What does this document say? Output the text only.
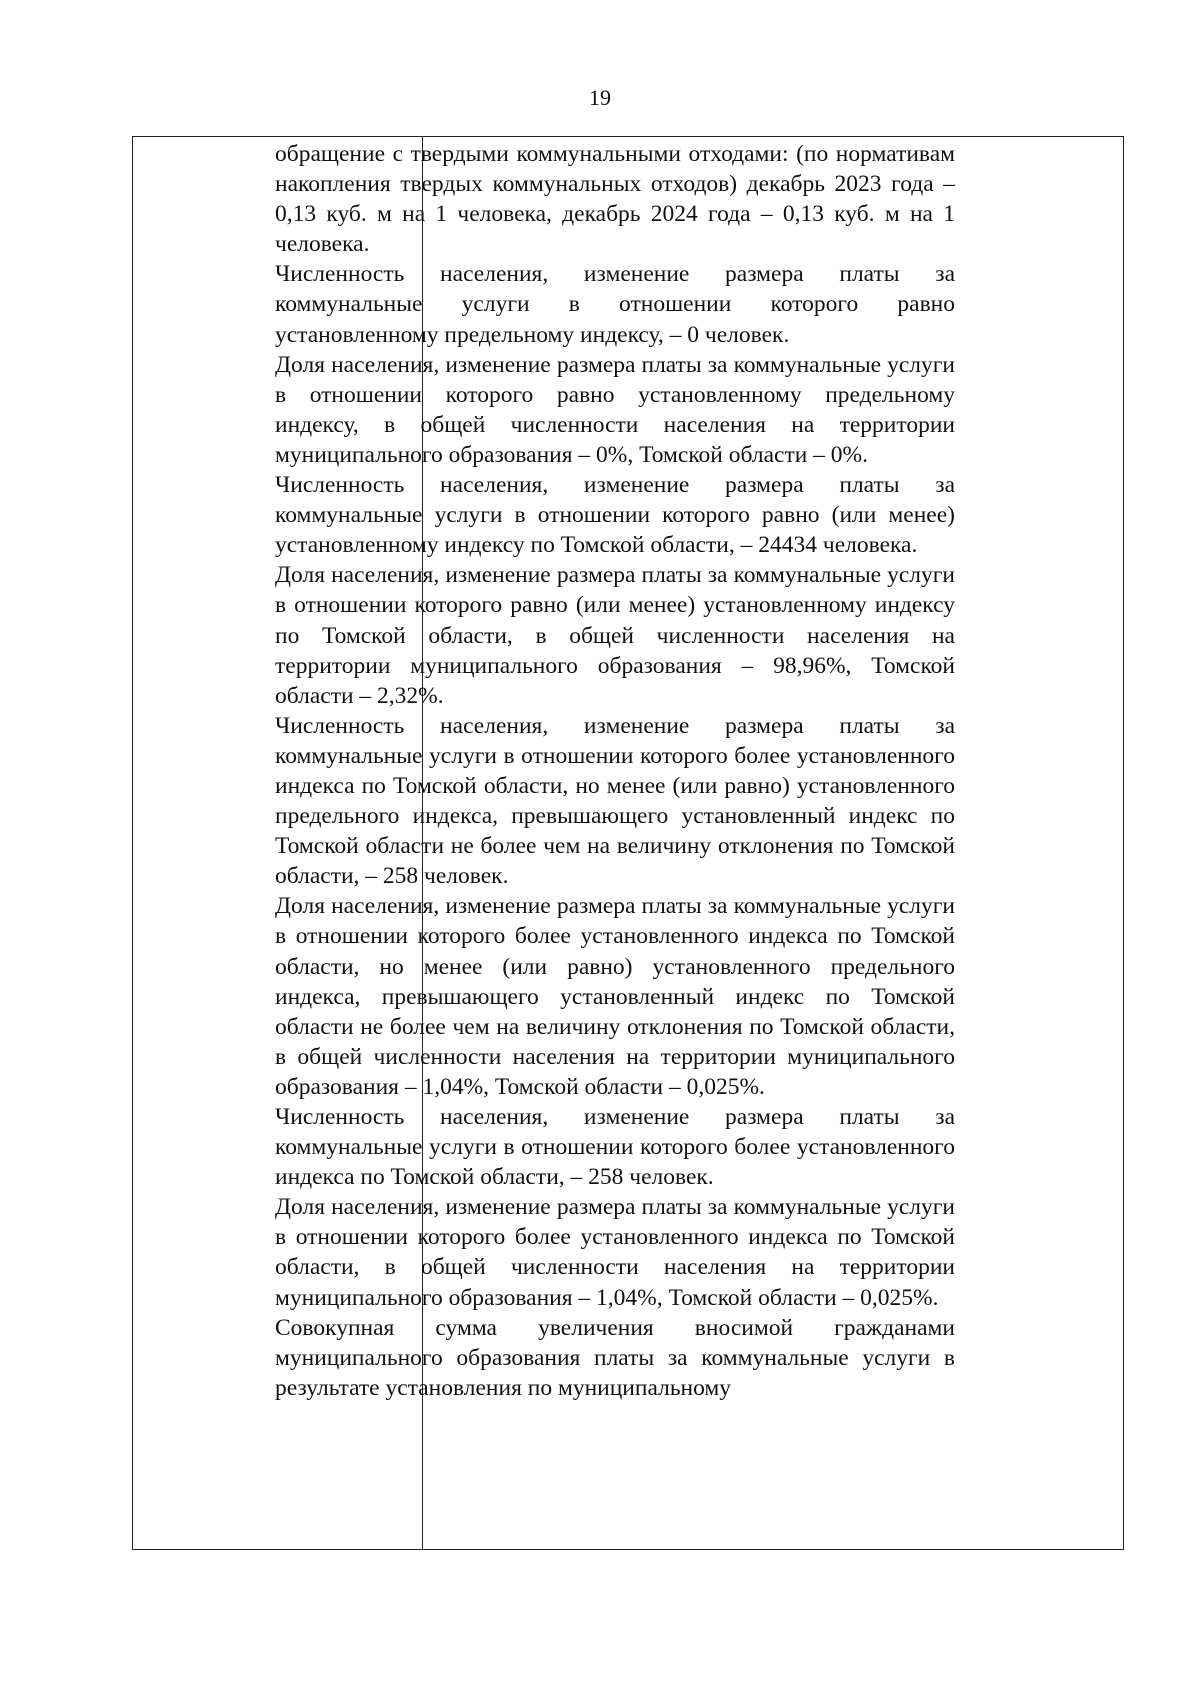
19

обращение с твердыми коммунальными отходами: (по нормативам накопления твердых коммунальных отходов) декабрь 2023 года – 0,13 куб. м на 1 человека, декабрь 2024 года – 0,13 куб. м на 1 человека.

Численность населения, изменение размера платы за коммунальные услуги в отношении которого равно установленному предельному индексу, – 0 человек.

Доля населения, изменение размера платы за коммунальные услуги в отношении которого равно установленному предельному индексу, в общей численности населения на территории муниципального образования – 0%, Томской области – 0%.

Численность населения, изменение размера платы за коммунальные услуги в отношении которого равно (или менее) установленному индексу по Томской области, – 24434 человека.

Доля населения, изменение размера платы за коммунальные услуги в отношении которого равно (или менее) установленному индексу по Томской области, в общей численности населения на территории муниципального образования – 98,96%, Томской области – 2,32%.

Численность населения, изменение размера платы за коммунальные услуги в отношении которого более установленного индекса по Томской области, но менее (или равно) установленного предельного индекса, превышающего установленный индекс по Томской области не более чем на величину отклонения по Томской области, – 258 человек.

Доля населения, изменение размера платы за коммунальные услуги в отношении которого более установленного индекса по Томской области, но менее (или равно) установленного предельного индекса, превышающего установленный индекс по Томской области не более чем на величину отклонения по Томской области, в общей численности населения на территории муниципального образования – 1,04%, Томской области – 0,025%.

Численность населения, изменение размера платы за коммунальные услуги в отношении которого более установленного индекса по Томской области, – 258 человек.

Доля населения, изменение размера платы за коммунальные услуги в отношении которого более установленного индекса по Томской области, в общей численности населения на территории муниципального образования – 1,04%, Томской области – 0,025%.

Совокупная сумма увеличения вносимой гражданами муниципального образования платы за коммунальные услуги в результате установления по муниципальному
